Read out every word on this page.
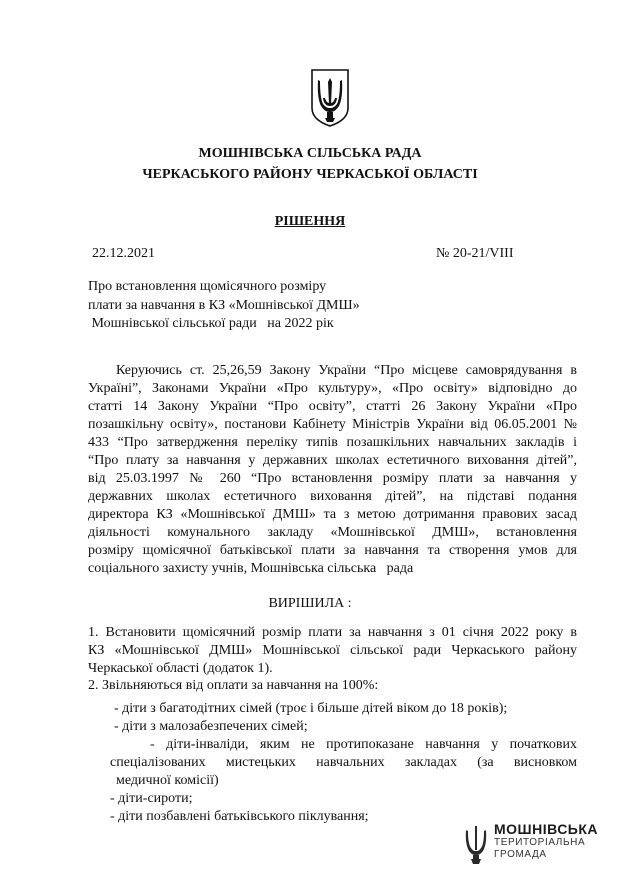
МОШНІВСЬКА СІЛЬСЬКА РАДА
ЧЕРКАСЬКОГО РАЙОНУ ЧЕРКАСЬКОЇ ОБЛАСТІ
РІШЕННЯ
22.12.2021	№ 20-21/VIII
Про встановлення щомісячного розміру
плати за навчання в КЗ «Мошнівської ДМШ»
Мошнівської сільської ради   на 2022 рік
Керуючись ст. 25,26,59 Закону України “Про місцеве самоврядування в
Україні”, Законами України «Про культуру», «Про освіту» відповідно до
статті 14 Закону України “Про освіту”, статті 26 Закону України «Про
позашкільну освіту», постанови Кабінету Міністрів України від 06.05.2001 №
433 “Про затвердження переліку типів позашкільних навчальних закладів і
“Про плату за навчання у державних школах естетичного виховання дітей”,
від 25.03.1997 № 260 “Про встановлення розміру плати за навчання у
державних школах естетичного виховання дітей”, на підставі подання
директора КЗ «Мошнівської ДМШ» та з метою дотримання правових засад
діяльності комунального закладу «Мошнівської ДМШ», встановлення
розміру щомісячної батьківської плати за навчання та створення умов для
соціального захисту учнів, Мошнівська сільська   рада
ВИРІШИЛА :
1. Встановити щомісячний розмір плати за навчання з 01 січня 2022 року в
КЗ «Мошнівської ДМШ» Мошнівської сільської ради Черкаського району
Черкаської області (додаток 1).
2. Звільняються від оплати за навчання на 100%:
- діти з багатодітних сімей (троє і більше дітей віком до 18 років);
- діти з малозабезпечених сімей;
- діти-інваліди, яким не протипоказане навчання у початкових
спеціалізованих мистецьких навчальних закладах (за висновком
медичної комісії)
- діти-сироти;
- діти позбавлені батьківського піклування;
МОШНІВСЬКА
ТЕРИТОРІАЛЬНА
ГРОМАДА
